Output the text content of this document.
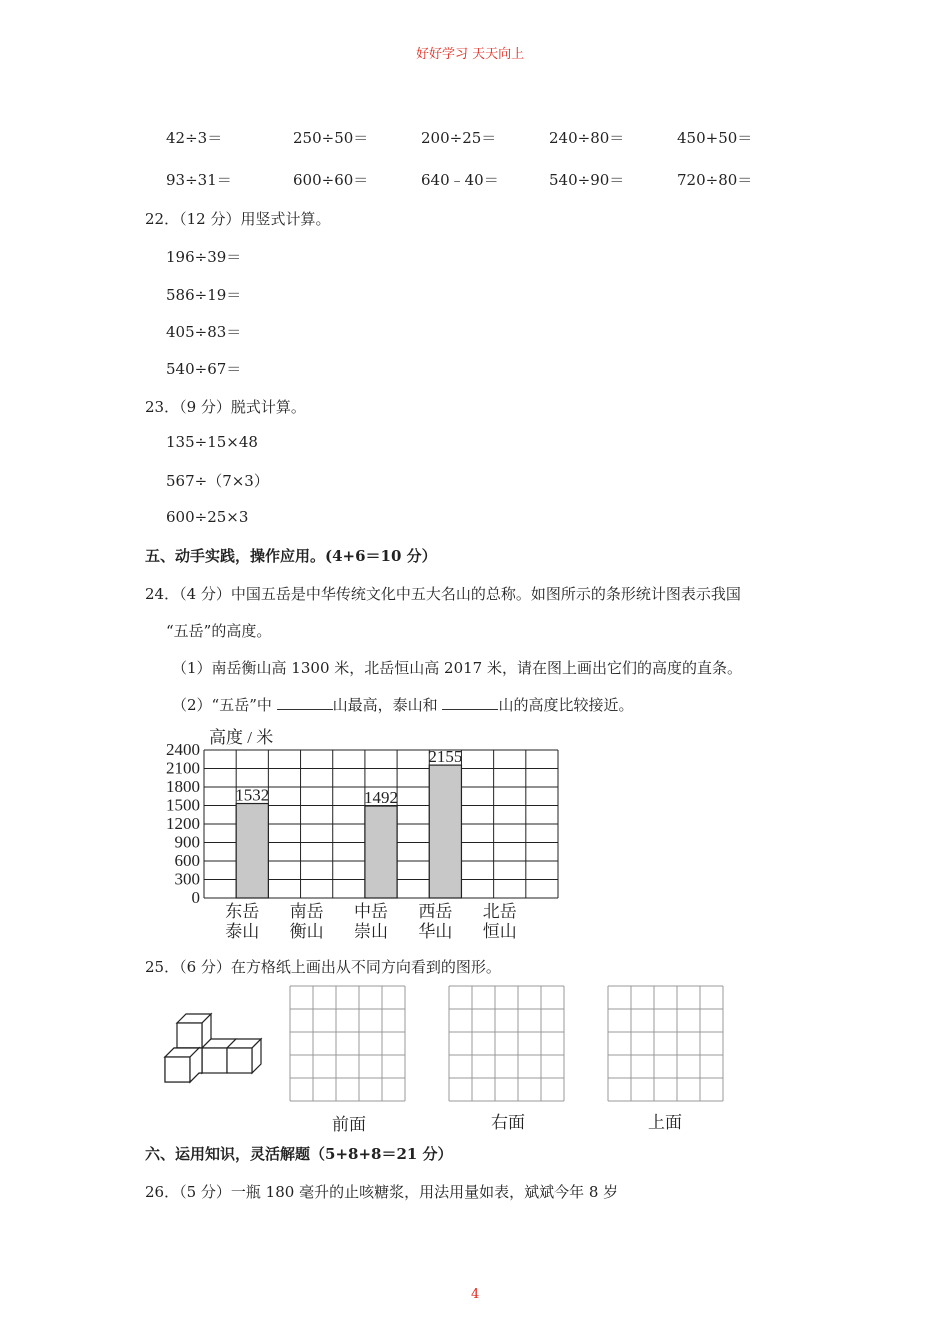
好好学习 天天向上
42÷3＝	250÷50＝	200÷25＝	240÷80＝	450+50＝
93÷31＝	600÷60＝	640﹣40＝	540÷90＝	720÷80＝
22．（12 分）用竖式计算。
196÷39＝
586÷19＝
405÷83＝
540÷67＝
23．（9 分）脱式计算。
135÷15×48
567÷（7×3）
600÷25×3
五、动手实践，操作应用。(4+6＝10 分）
24．（4 分）中国五岳是中华传统文化中五大名山的总称。如图所示的条形统计图表示我国
“五岳”的高度。
（1）南岳衡山高 1300 米，北岳恒山高 2017 米，请在图上画出它们的高度的直条。
（2）“五岳”中	山最高，泰山和	山的高度比较接近。
2400
2100
1800
1500
1200
900
600
300
0
东岳
泰山
南岳
衡山
中岳
崇山
西岳
华山
北岳
恒山
1532	1492
2155
高度 / 米
25．（6 分）在方格纸上画出从不同方向看到的图形。
前面	右面	上面
六、运用知识，灵活解题（5+8+8＝21 分）
26．（5 分）一瓶 180 毫升的止咳糖浆，用法用量如表，斌斌今年 8 岁
4
